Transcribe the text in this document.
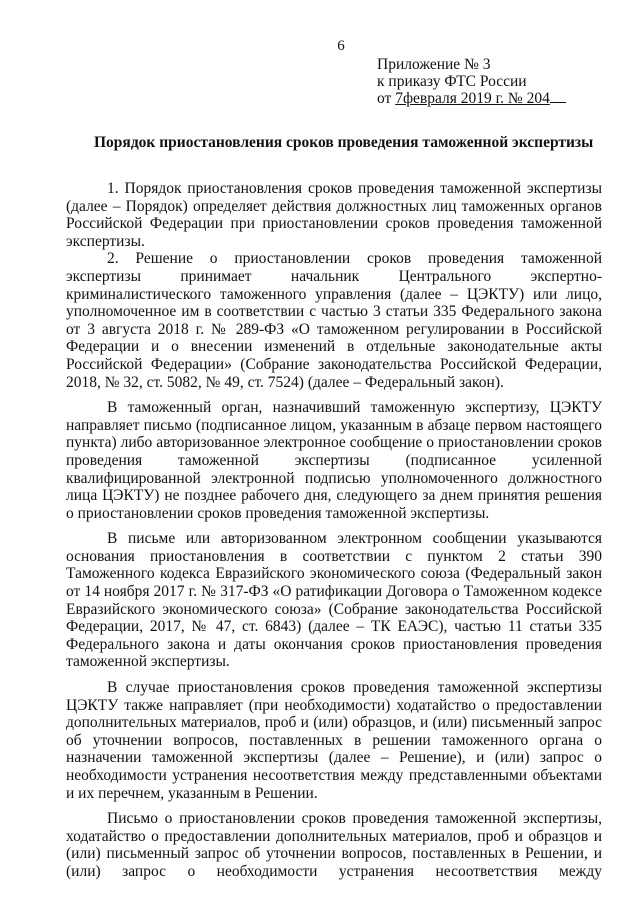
6
Приложение № 3
к приказу ФТС России
от 7февраля 2019 г. № 204
Порядок приостановления сроков проведения таможенной экспертизы

1. Порядок приостановления сроков проведения таможенной экспертизы (далее – Порядок) определяет действия должностных лиц таможенных органов Российской Федерации при приостановлении сроков проведения таможенной экспертизы.

2. Решение о приостановлении сроков проведения таможенной экспертизы принимает начальник Центрального экспертно-криминалистического таможенного управления (далее – ЦЭКТУ) или лицо, уполномоченное им в соответствии с частью 3 статьи 335 Федерального закона от 3 августа 2018 г. № 289-ФЗ «О таможенном регулировании в Российской Федерации и о внесении изменений в отдельные законодательные акты Российской Федерации» (Собрание законодательства Российской Федерации, 2018, № 32, ст. 5082, № 49, ст. 7524) (далее – Федеральный закон).

В таможенный орган, назначивший таможенную экспертизу, ЦЭКТУ направляет письмо (подписанное лицом, указанным в абзаце первом настоящего пункта) либо авторизованное электронное сообщение о приостановлении сроков проведения таможенной экспертизы (подписанное усиленной квалифицированной электронной подписью уполномоченного должностного лица ЦЭКТУ) не позднее рабочего дня, следующего за днем принятия решения о приостановлении сроков проведения таможенной экспертизы.

В письме или авторизованном электронном сообщении указываются основания приостановления в соответствии с пунктом 2 статьи 390 Таможенного кодекса Евразийского экономического союза (Федеральный закон от 14 ноября 2017 г. № 317-ФЗ «О ратификации Договора о Таможенном кодексе Евразийского экономического союза» (Собрание законодательства Российской Федерации, 2017, № 47, ст. 6843) (далее – ТК ЕАЭС), частью 11 статьи 335 Федерального закона и даты окончания сроков приостановления проведения таможенной экспертизы.

В случае приостановления сроков проведения таможенной экспертизы ЦЭКТУ также направляет (при необходимости) ходатайство о предоставлении дополнительных материалов, проб и (или) образцов, и (или) письменный запрос об уточнении вопросов, поставленных в решении таможенного органа о назначении таможенной экспертизы (далее – Решение), и (или) запрос о необходимости устранения несоответствия между представленными объектами и их перечнем, указанным в Решении.

Письмо о приостановлении сроков проведения таможенной экспертизы, ходатайство о предоставлении дополнительных материалов, проб и образцов и (или) письменный запрос об уточнении вопросов, поставленных в Решении, и (или) запрос о необходимости устранения несоответствия между
